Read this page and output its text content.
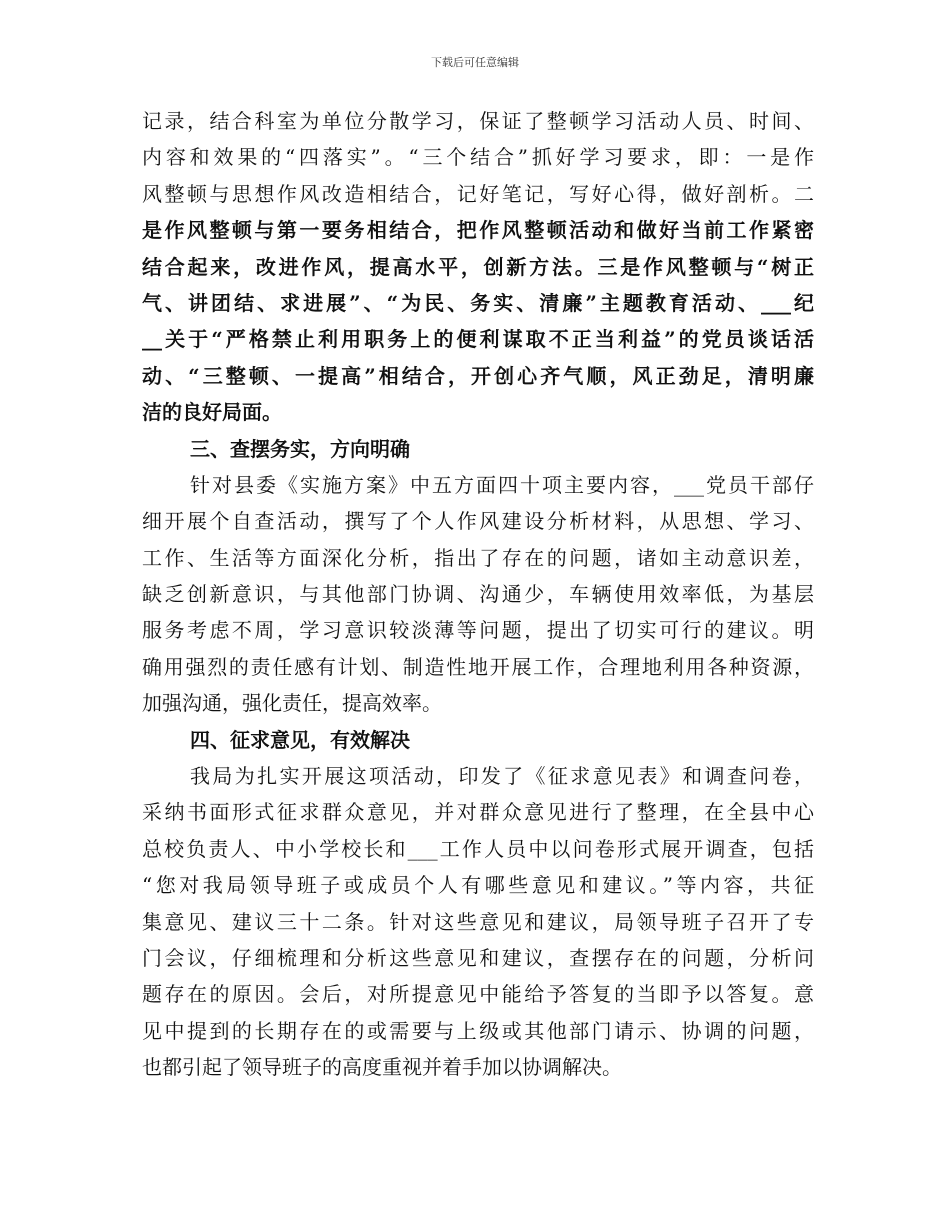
下载后可任意编辑
记录，结合科室为单位分散学习，保证了整顿学习活动人员、时间、
内容和效果的“四落实”。“三个结合”抓好学习要求，即：一是作
风整顿与思想作风改造相结合，记好笔记，写好心得，做好剖析。二
是作风整顿与第一要务相结合，把作风整顿活动和做好当前工作紧密
结合起来，改进作风，提高水平，创新方法。三是作风整顿与“树正
气、讲团结、求进展”、“为民、务实、清廉”主题教育活动、___纪
__关于“严格禁止利用职务上的便利谋取不正当利益”的党员谈话活
动、“三整顿、一提高”相结合，开创心齐气顺，风正劲足，清明廉
洁的良好局面。
三、查摆务实，方向明确
针对县委《实施方案》中五方面四十项主要内容，___党员干部仔
细开展个自查活动，撰写了个人作风建设分析材料，从思想、学习、
工作、生活等方面深化分析，指出了存在的问题，诸如主动意识差，
缺乏创新意识，与其他部门协调、沟通少，车辆使用效率低，为基层
服务考虑不周，学习意识较淡薄等问题，提出了切实可行的建议。明
确用强烈的责任感有计划、制造性地开展工作，合理地利用各种资源，
加强沟通，强化责任，提高效率。
四、征求意见，有效解决
我局为扎实开展这项活动，印发了《征求意见表》和调查问卷，
采纳书面形式征求群众意见，并对群众意见进行了整理，在全县中心
总校负责人、中小学校长和___工作人员中以问卷形式展开调查，包括
“您对我局领导班子或成员个人有哪些意见和建议。”等内容，共征
集意见、建议三十二条。针对这些意见和建议，局领导班子召开了专
门会议，仔细梳理和分析这些意见和建议，查摆存在的问题，分析问
题存在的原因。会后，对所提意见中能给予答复的当即予以答复。意
见中提到的长期存在的或需要与上级或其他部门请示、协调的问题，
也都引起了领导班子的高度重视并着手加以协调解决。
